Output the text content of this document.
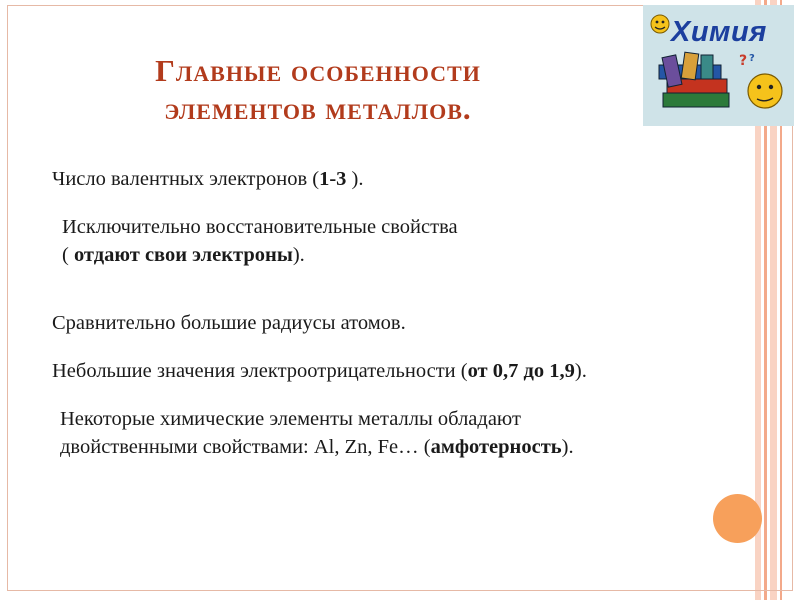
Главные особенности
элементов металлов.
? ?
Химия
Число валентных электронов (1-3 ).
Исключительно восстановительные свойства
( отдают свои электроны).
Сравнительно большие радиусы атомов.
Небольшие значения электроотрицательности (от 0,7 до 1,9).
Некоторые химические элементы металлы обладают
двойственными свойствами: Al, Zn, Fe… (амфотерность).
